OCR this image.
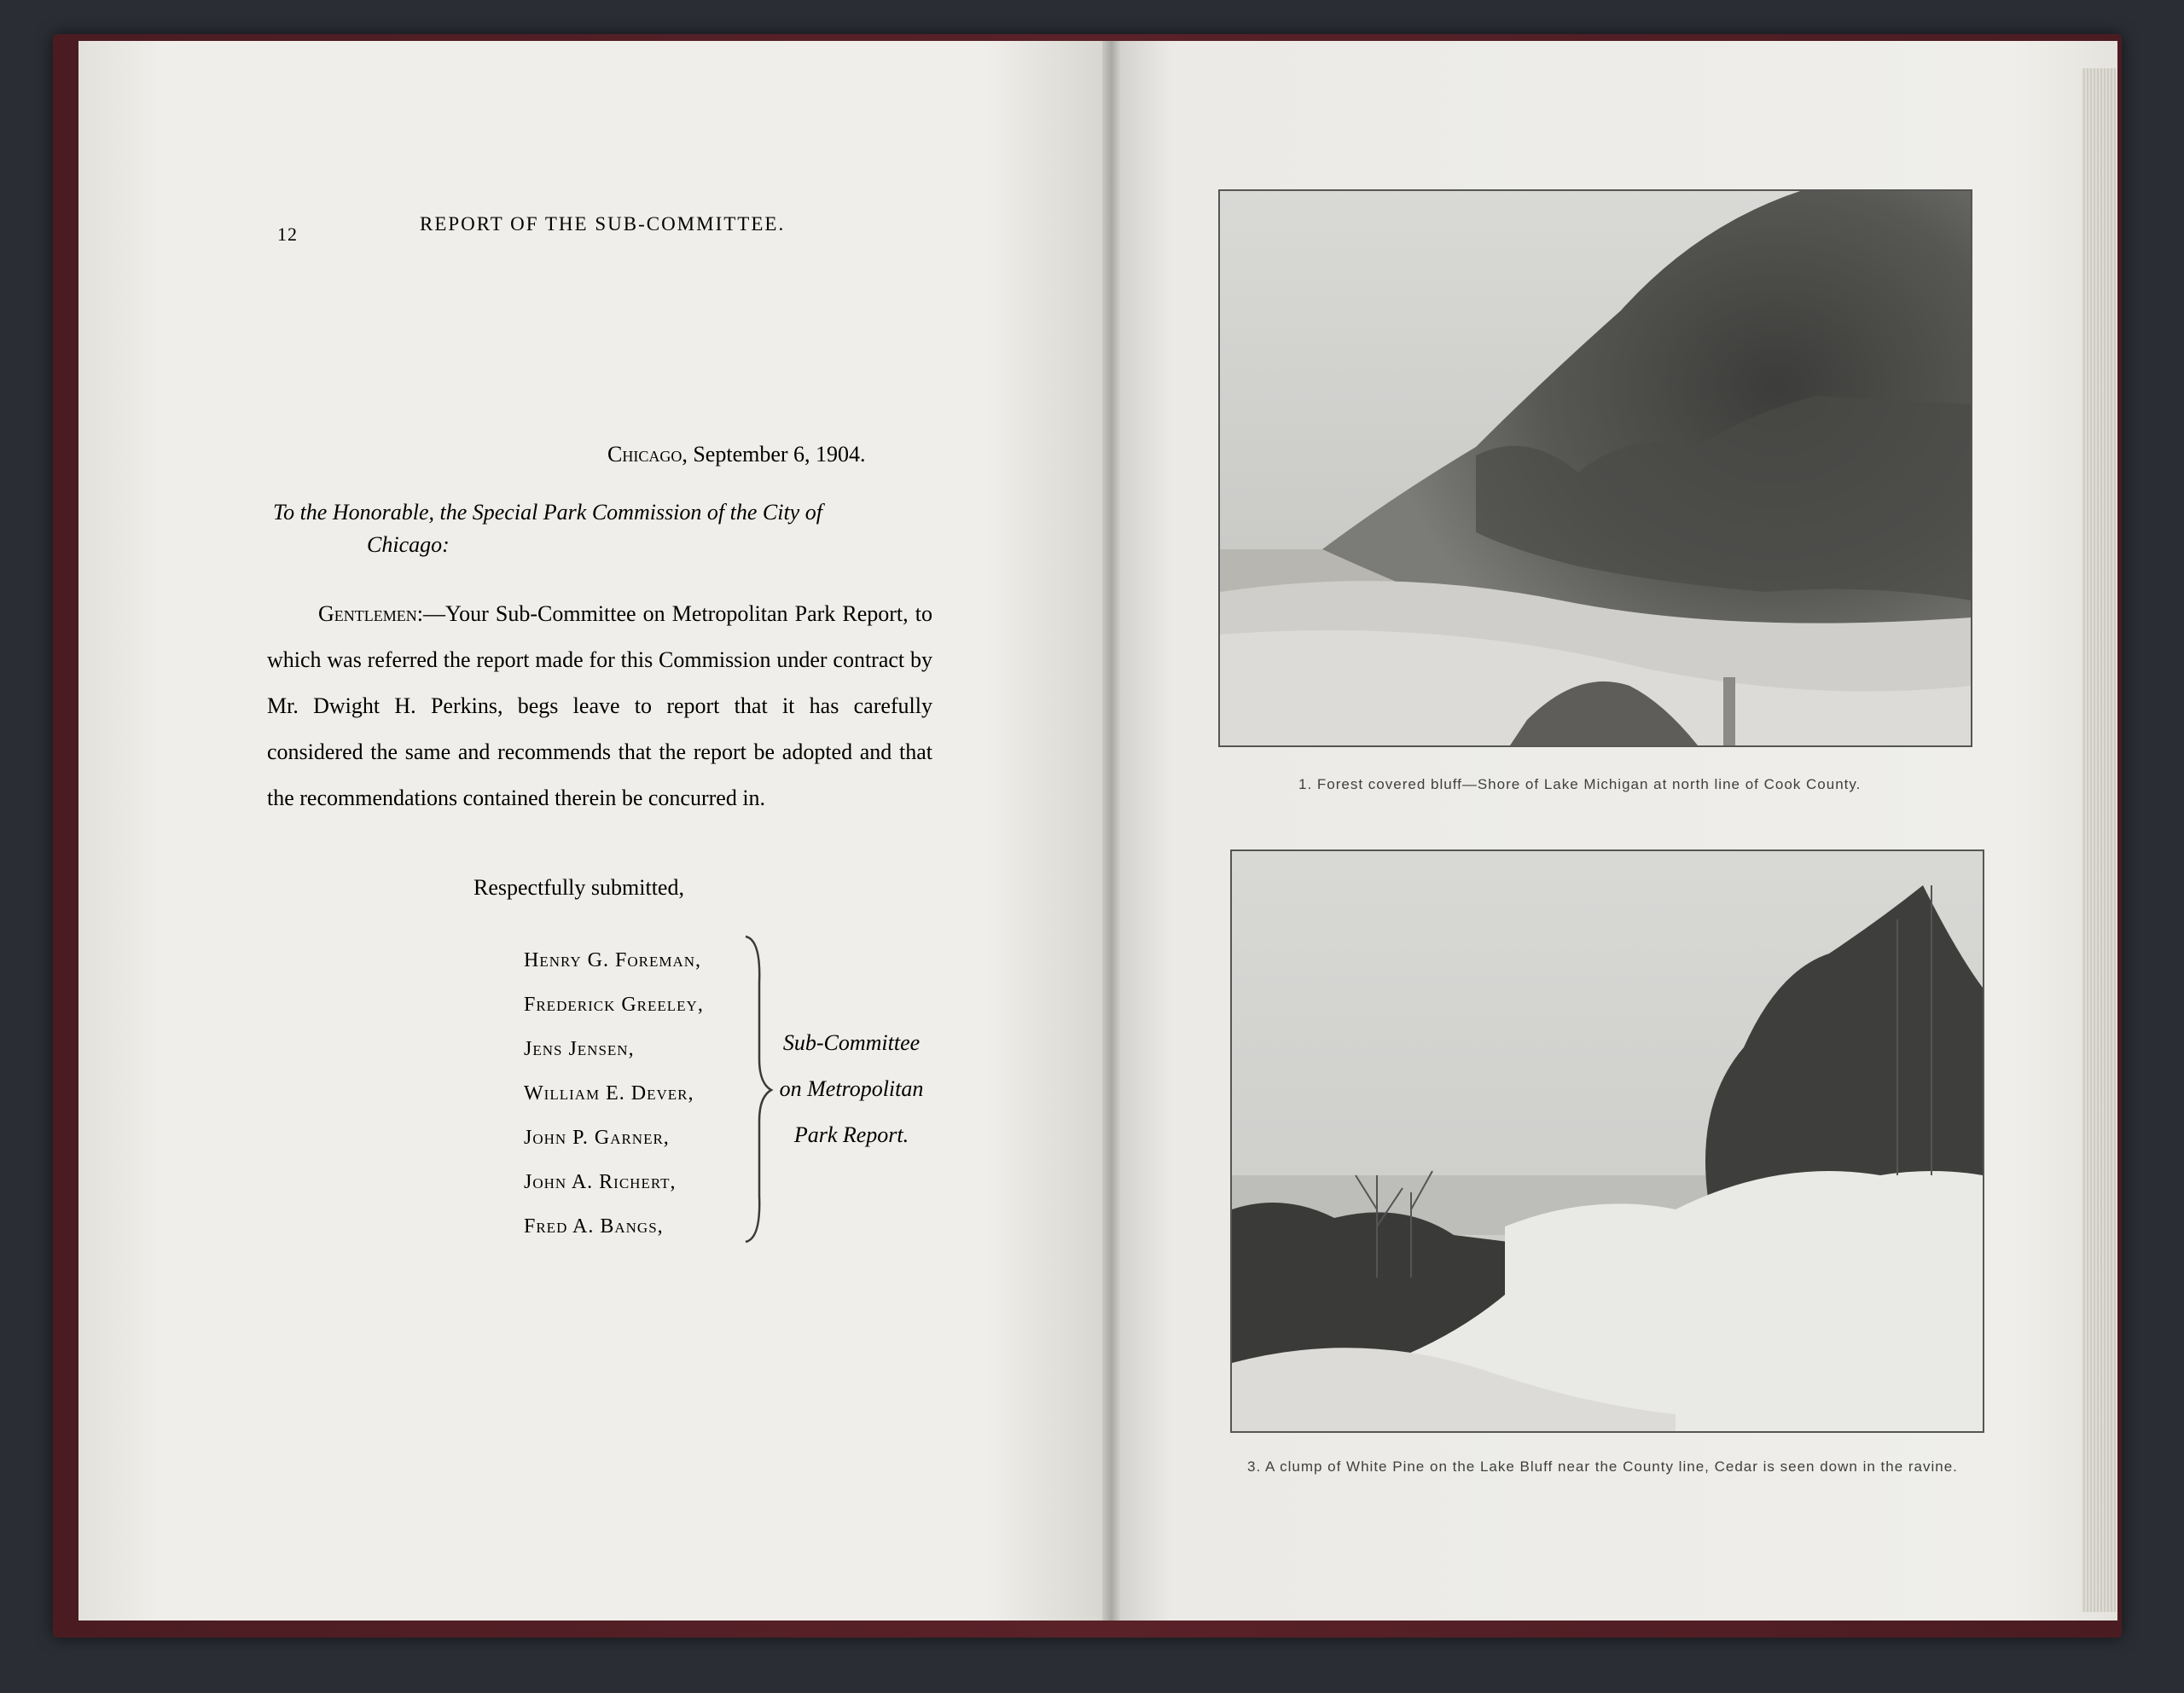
12	REPORT OF THE SUB-COMMITTEE.
Chicago, September 6, 1904.
To the Honorable, the Special Park Commission of the City of
Chicago:
Gentlemen:—Your Sub-Committee on Metropolitan Park Report, to which was referred the report made for this Commission under contract by Mr. Dwight H. Perkins, begs leave to report that it has carefully considered the same and recommends that the report be adopted and that the recommendations contained therein be concurred in.
Respectfully submitted,
Henry G. Foreman,
Frederick Greeley,
Jens Jensen,
William E. Dever,
John P. Garner,
John A. Richert,
Fred A. Bangs,
Sub-Committee
on Metropolitan
Park Report.
1. Forest covered bluff—Shore of Lake Michigan at north line of Cook County.
3. A clump of White Pine on the Lake Bluff near the County line, Cedar is seen down in the ravine.
